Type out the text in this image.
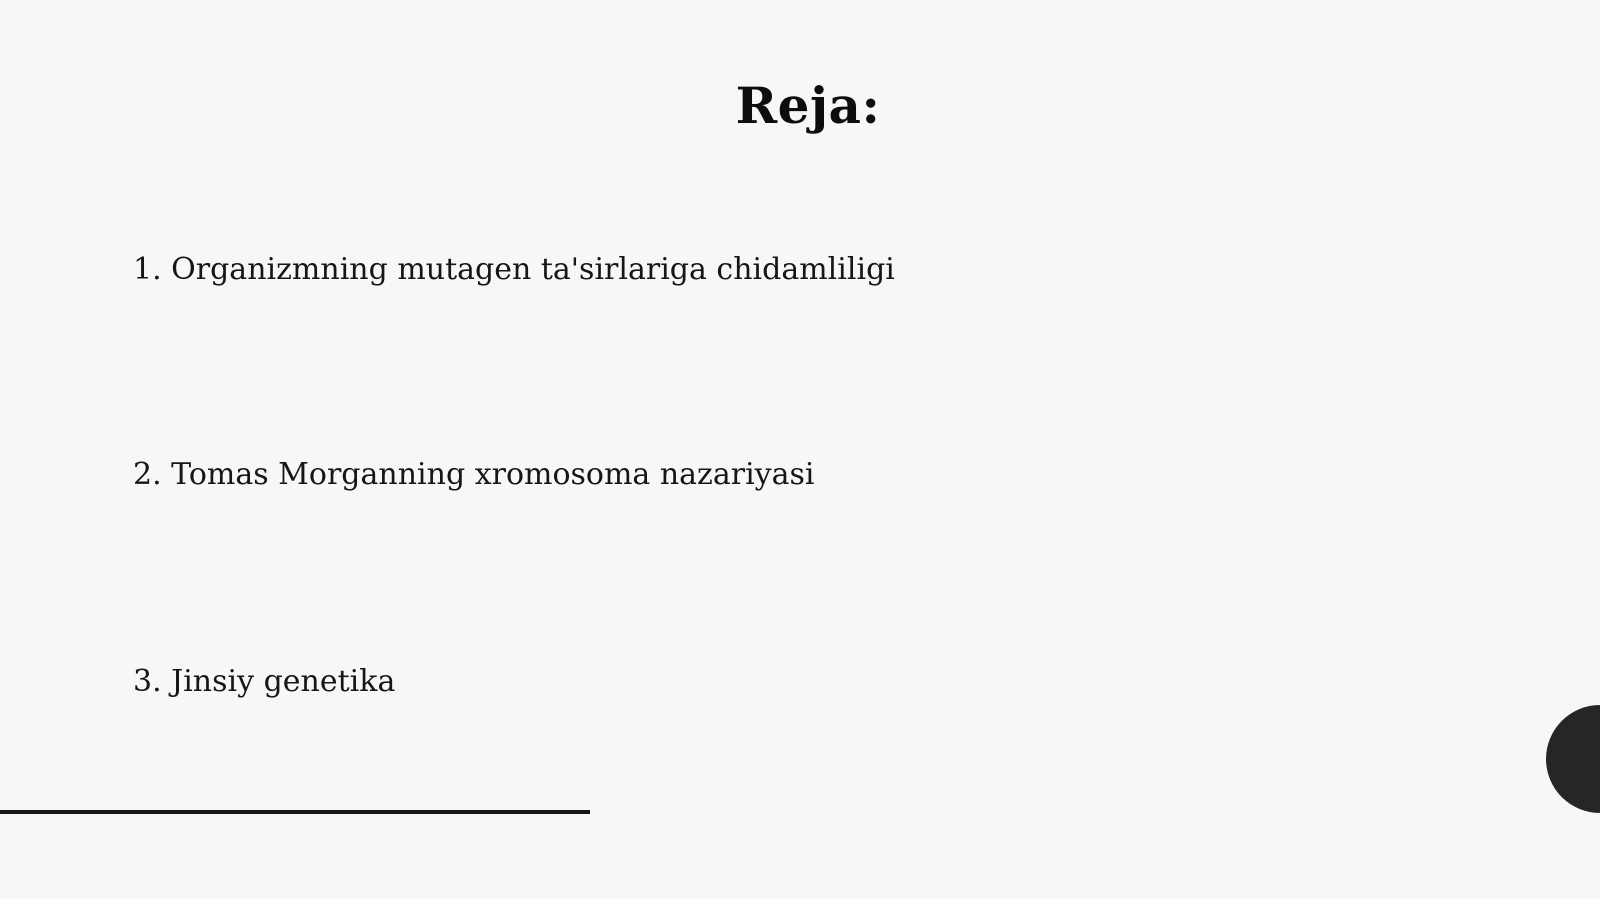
Reja:
1. Organizmning mutagen ta'sirlariga chidamliligi
2. Tomas Morganning xromosoma nazariyasi
3. Jinsiy genetika
